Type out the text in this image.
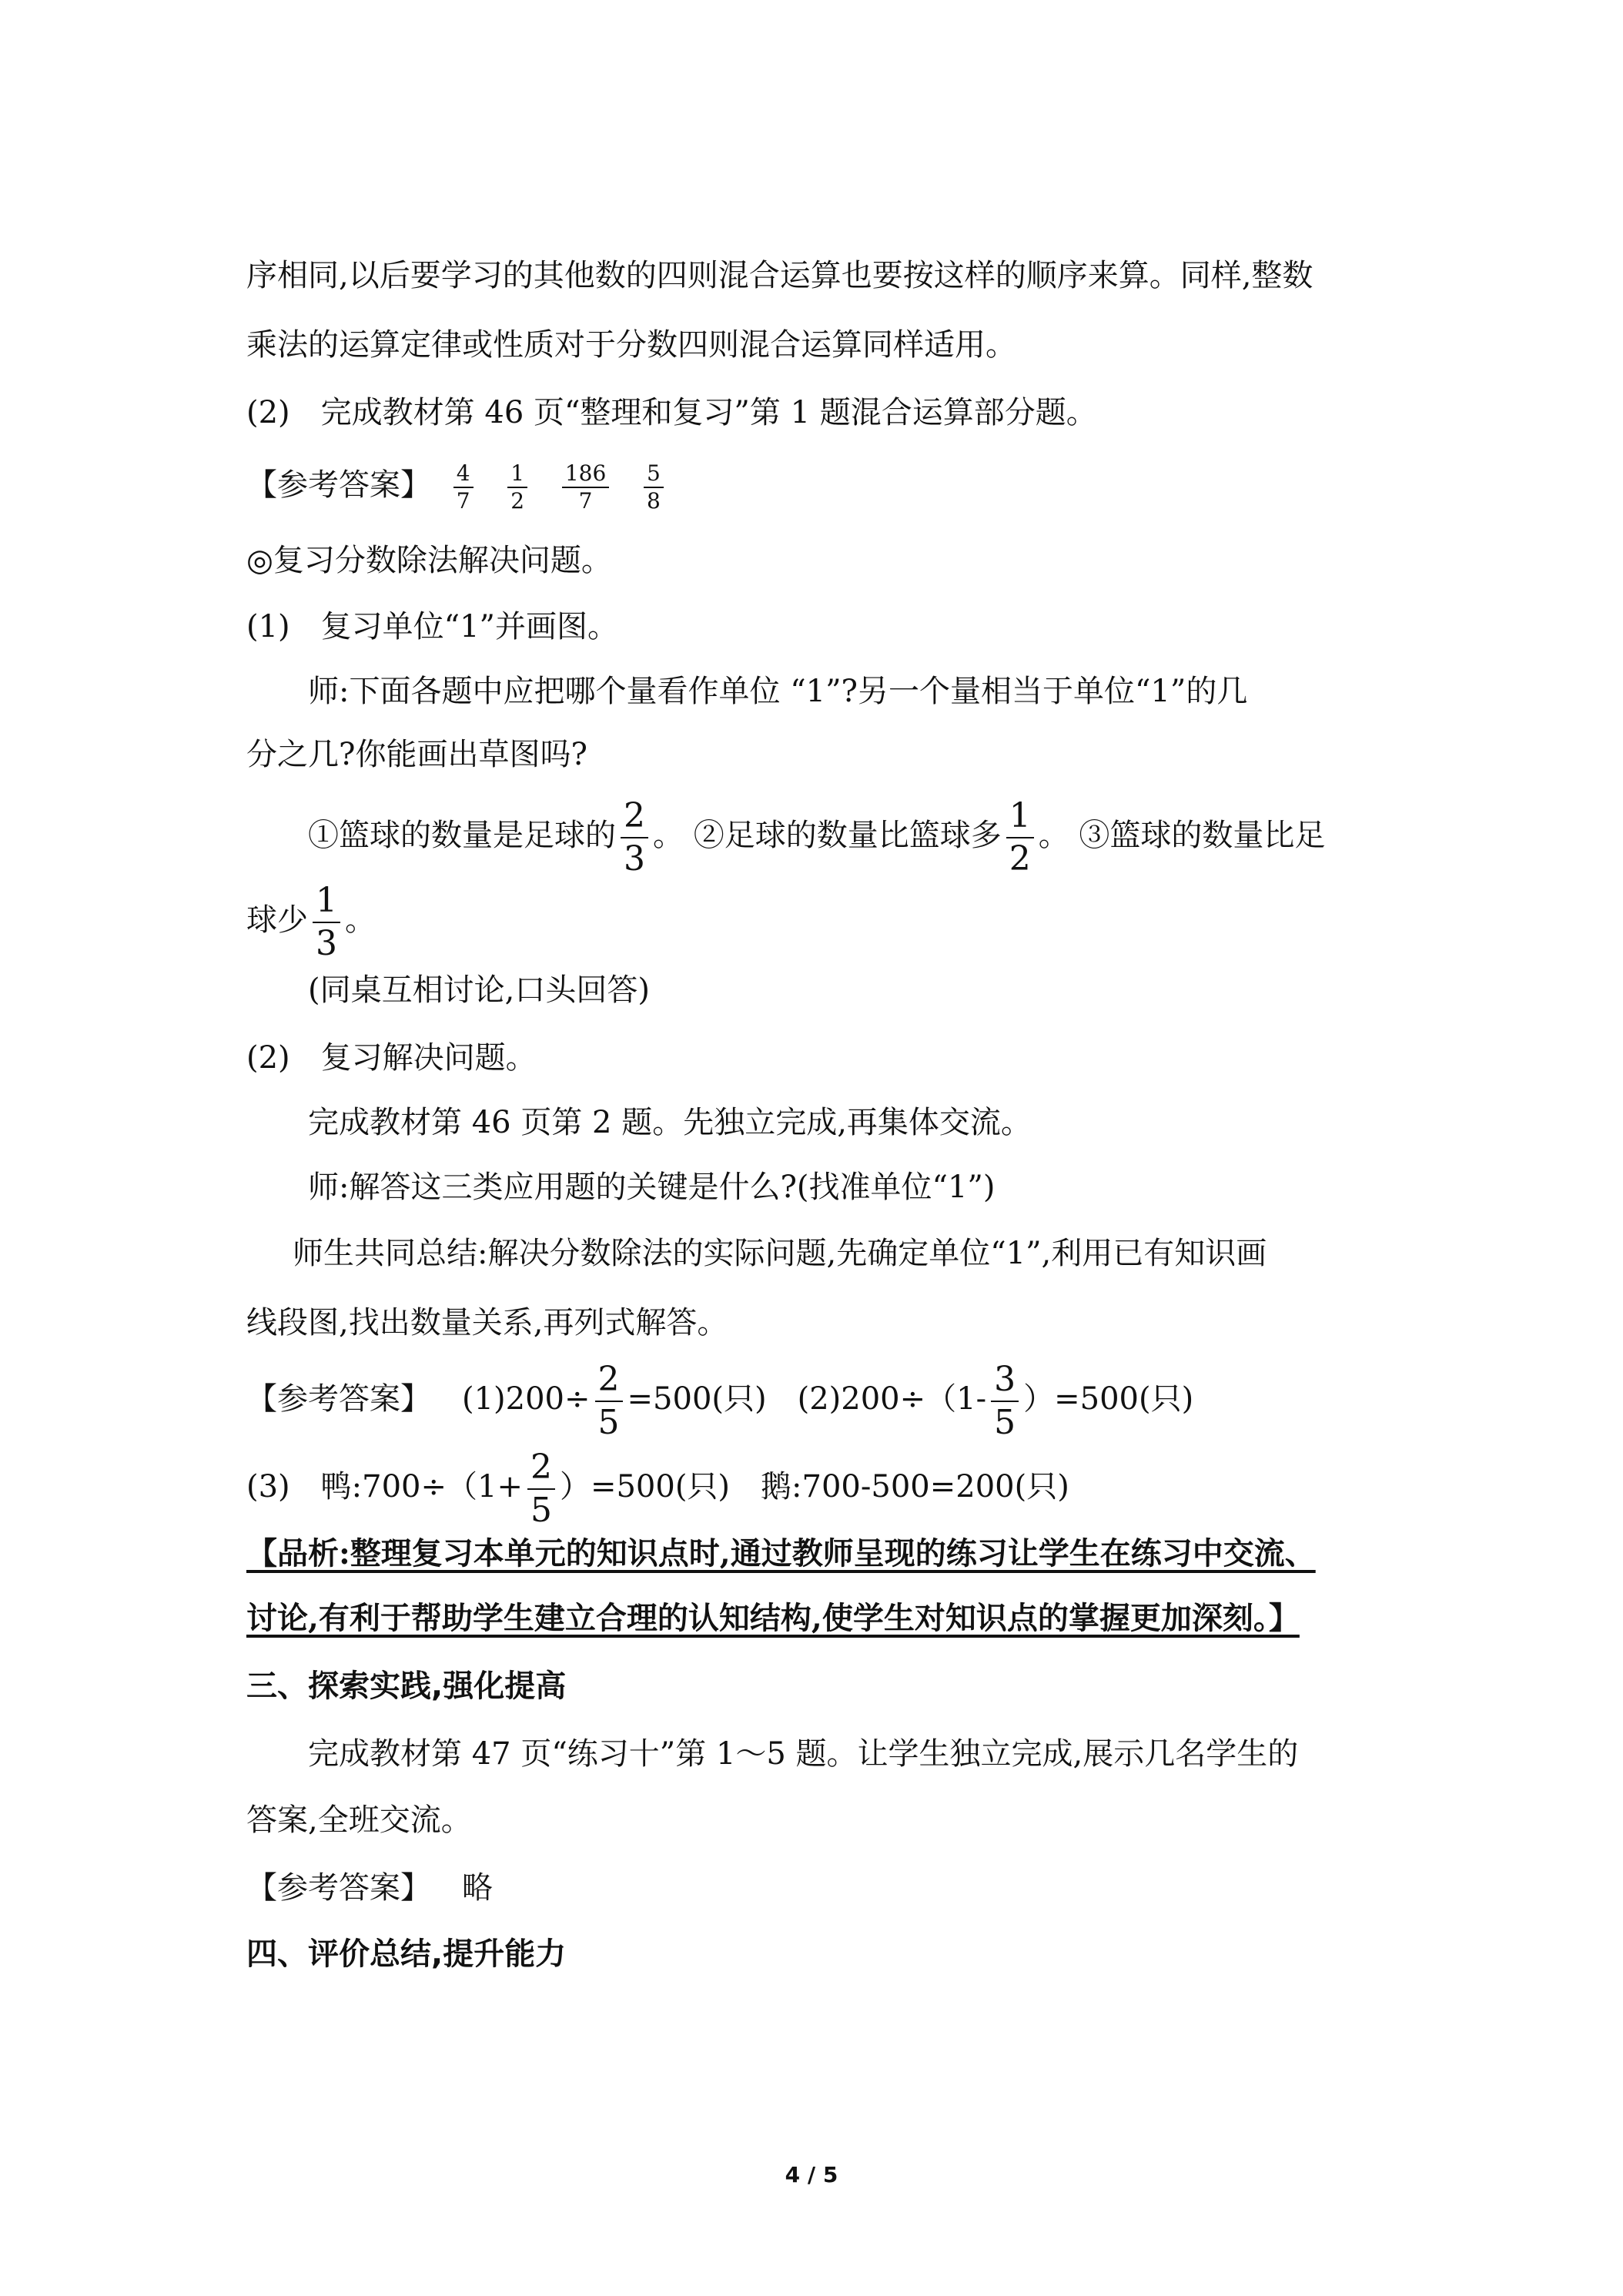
序相同,以后要学习的其他数的四则混合运算也要按这样的顺序来算。同样,整数
乘法的运算定律或性质对于分数四则混合运算同样适用。
(2)　完成教材第 46 页“整理和复习”第 1 题混合运算部分题。
【参考答案】 $\frac{4}{7}$
$\frac{1}{2}$
$\frac{186}{7}$
$\frac{5}{8}$
◎复习分数除法解决问题。
(1)　复习单位“1”并画图。
师:下面各题中应把哪个量看作单位 “1”?另一个量相当于单位“1”的几
分之几?你能画出草图吗?
①篮球的数量是足球的 $\frac{2}{3}$ 。 ②足球的数量比篮球多 $\frac{1}{2}$ 。 ③篮球的数量比足
球少 $\frac{1}{3}$ 。
(同桌互相讨论,口头回答)
(2)　复习解决问题。
完成教材第 46 页第 2 题。先独立完成,再集体交流。
师:解答这三类应用题的关键是什么?(找准单位“1”)
师生共同总结:解决分数除法的实际问题,先确定单位“1”,利用已有知识画
线段图,找出数量关系,再列式解答。
【参考答案】 $(1)200\div \frac{2}{5} =500$(只) $(2)200\div(1- \frac{3}{5} )=500$(只)
(3)　鸭:700÷（1+ $\frac{2}{5} )=500$(只)　鹅:700-500=200(只)
【品析:整理复习本单元的知识点时,通过教师呈现的练习让学生在练习中交流、
讨论,有利于帮助学生建立合理的认知结构,使学生对知识点的掌握更加深刻。】
三、探索实践,强化提高
完成教材第 47 页“练习十”第 1～5 题。让学生独立完成,展示几名学生的
答案,全班交流。
【参考答案】 略
四、评价总结,提升能力
4 / 5
